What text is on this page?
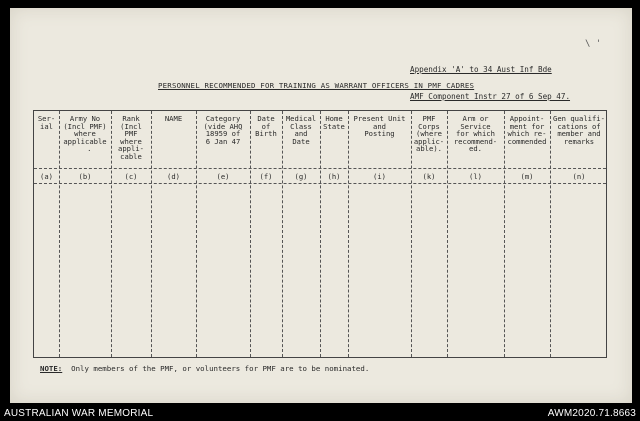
Appendix 'A' to 34 Aust Inf Bde

AMF Component Instr 27 of 6 Sep 47.

\ '
PERSONNEL RECOMMENDED FOR TRAINING AS WARRANT OFFICERS IN PMF CADRES
Ser-
ial
(a)
Army No
(Incl PMF)
where
applicable
.
(b)
Rank
(Incl
PMF
where
appli-
cable
(c)
NAME
(d)
Category
(vide AHQ
18959 of
6 Jan 47
(e)
Date
of
Birth
(f)
Medical
Class
and
Date
(g)
Home
State
(h)
Present Unit
and
Posting
(i)
PMF
Corps
(where
applic-
able).
(k)
Arm or
Service
for which
recommend-
ed.
(l)
Appoint-
ment for
which re-
commended
(m)
Gen qualifi-
cations of
member and
remarks
(n)
NOTE:  Only members of the PMF, or volunteers for PMF are to be nominated.
AUSTRALIAN WAR MEMORIAL	AWM2020.71.8663
